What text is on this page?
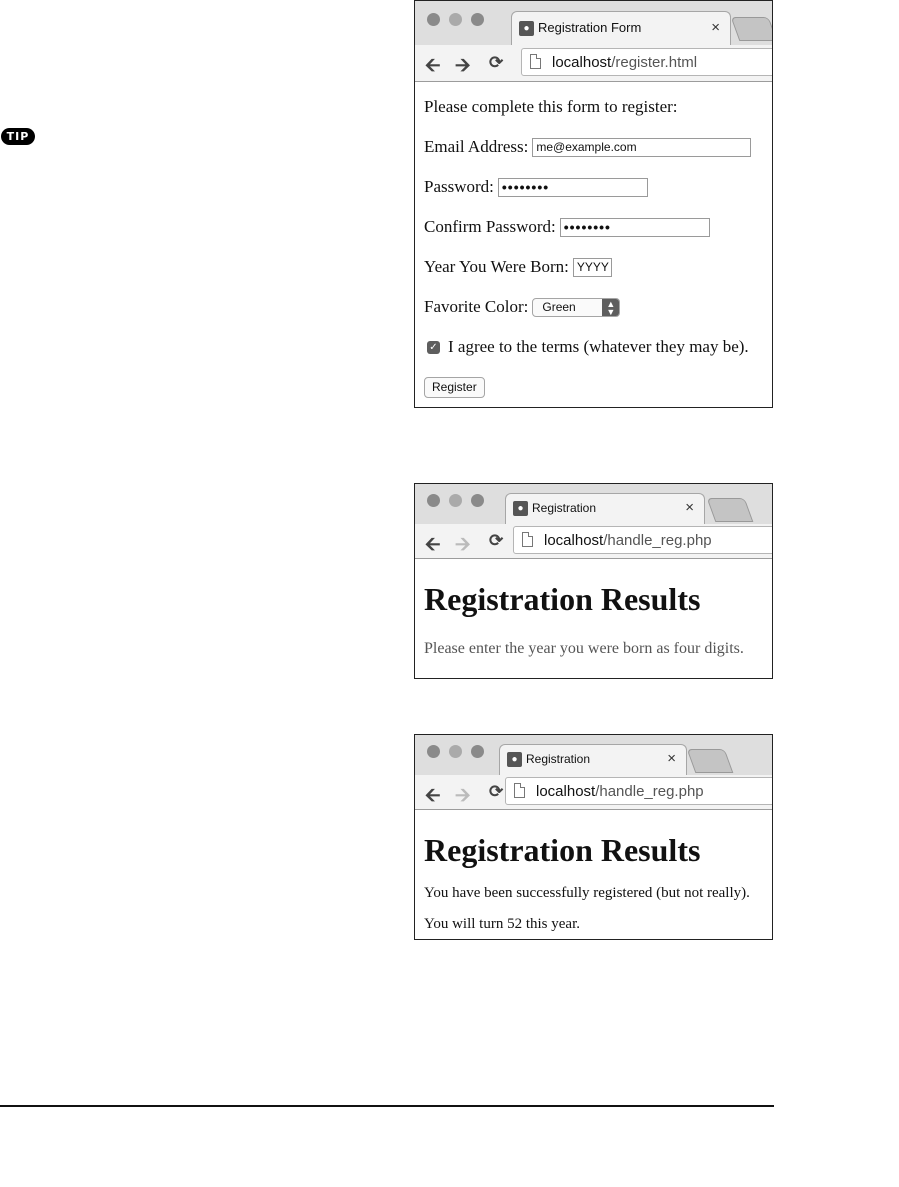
TIP
● Registration Form	×
🡨 🡪 ⟳	localhost/register.html
Please complete this form to register:
Email Address: me@example.com
Password: ••••••••
Confirm Password: ••••••••
Year You Were Born: YYYY
Favorite Color: Green	▲
▼
✓ I agree to the terms (whatever they may be).
Register
● Registration	×
🡨 🡪 ⟳	localhost/handle_reg.php
Registration Results
Please enter the year you were born as four digits.
● Registration	×
🡨 🡪 ⟳ localhost/handle_reg.php
Registration Results
You have been successfully registered (but not really).
You will turn 52 this year.
